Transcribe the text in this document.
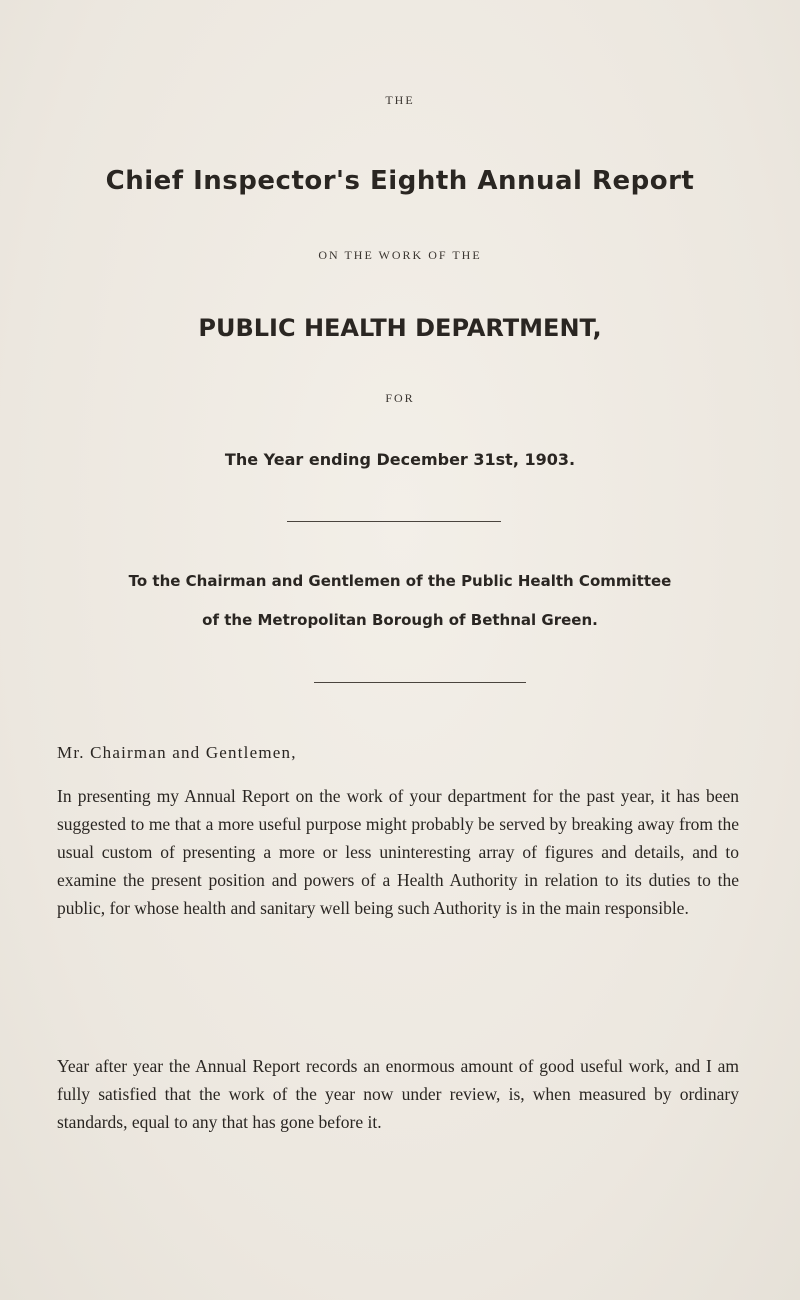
THE
Chief Inspector's Eighth Annual Report
ON THE WORK OF THE
PUBLIC HEALTH DEPARTMENT,
FOR
The Year ending December 31st, 1903.
To the Chairman and Gentlemen of the Public Health Committee
of the Metropolitan Borough of Bethnal Green.
Mr. Chairman and Gentlemen,

In presenting my Annual Report on the work of your department for the past year, it has been suggested to me that a more useful purpose might probably be served by breaking away from the usual custom of presenting a more or less uninteresting array of figures and details, and to examine the present position and powers of a Health Authority in relation to its duties to the public, for whose health and sanitary well being such Authority is in the main responsible.

Year after year the Annual Report records an enormous amount of good useful work, and I am fully satisfied that the work of the year now under review, is, when measured by ordinary standards, equal to any that has gone before it.
